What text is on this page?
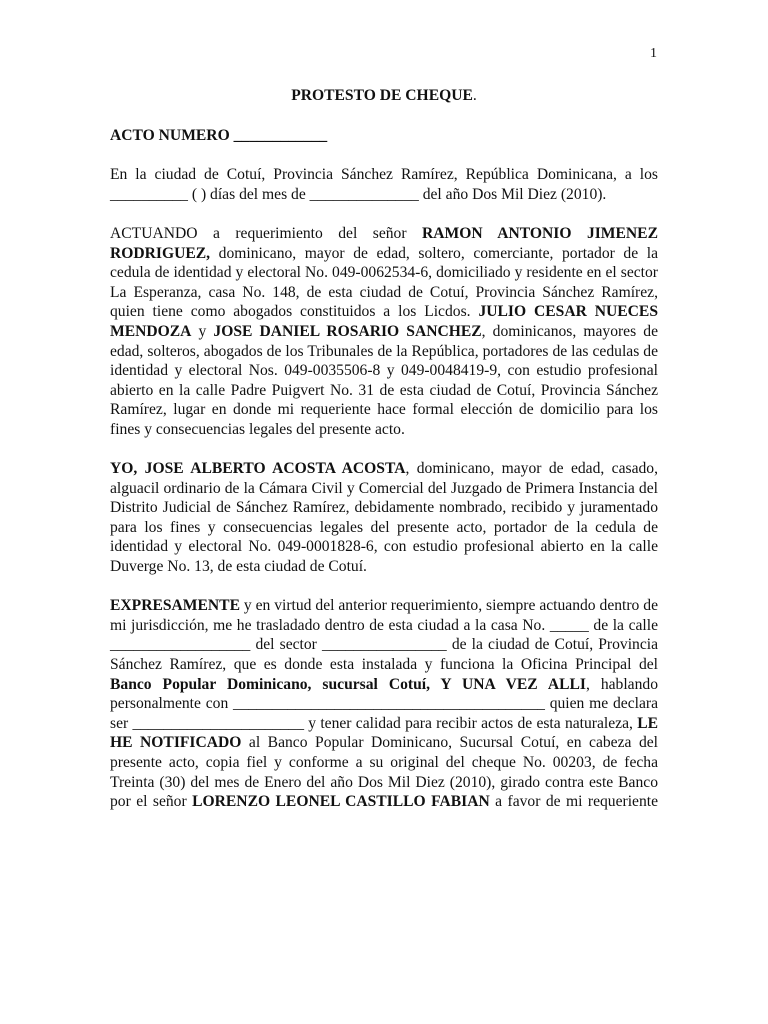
1

PROTESTO DE CHEQUE.

ACTO NUMERO ____________

En la ciudad de Cotuí, Provincia Sánchez Ramírez, República Dominicana, a los __________ ( ) días del mes de ______________ del año Dos Mil Diez (2010).

ACTUANDO a requerimiento del señor RAMON ANTONIO JIMENEZ RODRIGUEZ, dominicano, mayor de edad, soltero, comerciante, portador de la cedula de identidad y electoral No. 049-0062534-6, domiciliado y residente en el sector La Esperanza, casa No. 148, de esta ciudad de Cotuí, Provincia Sánchez Ramírez, quien tiene como abogados constituidos a los Licdos. JULIO CESAR NUECES MENDOZA y JOSE DANIEL ROSARIO SANCHEZ, dominicanos, mayores de edad, solteros, abogados de los Tribunales de la República, portadores de las cedulas de identidad y electoral Nos. 049-0035506-8 y 049-0048419-9, con estudio profesional abierto en la calle Padre Puigvert No. 31 de esta ciudad de Cotuí, Provincia Sánchez Ramírez, lugar en donde mi requeriente hace formal elección de domicilio para los fines y consecuencias legales del presente acto.

YO, JOSE ALBERTO ACOSTA ACOSTA, dominicano, mayor de edad, casado, alguacil ordinario de la Cámara Civil y Comercial del Juzgado de Primera Instancia del Distrito Judicial de Sánchez Ramírez, debidamente nombrado, recibido y juramentado para los fines y consecuencias legales del presente acto, portador de la cedula de identidad y electoral No. 049-0001828-6, con estudio profesional abierto en la calle Duverge No. 13, de esta ciudad de Cotuí.

EXPRESAMENTE y en virtud del anterior requerimiento, siempre actuando dentro de mi jurisdicción, me he trasladado dentro de esta ciudad a la casa No. _____ de la calle __________________ del sector ________________ de la ciudad de Cotuí, Provincia Sánchez Ramírez, que es donde esta instalada y funciona la Oficina Principal del Banco Popular Dominicano, sucursal Cotuí, Y UNA VEZ ALLI, hablando personalmente con ________________________________________ quien me declara ser ______________________ y tener calidad para recibir actos de esta naturaleza, LE HE NOTIFICADO al Banco Popular Dominicano, Sucursal Cotuí, en cabeza del presente acto, copia fiel y conforme a su original del cheque No. 00203, de fecha Treinta (30) del mes de Enero del año Dos Mil Diez (2010), girado contra este Banco por el señor LORENZO LEONEL CASTILLO FABIAN a favor de mi requeriente
